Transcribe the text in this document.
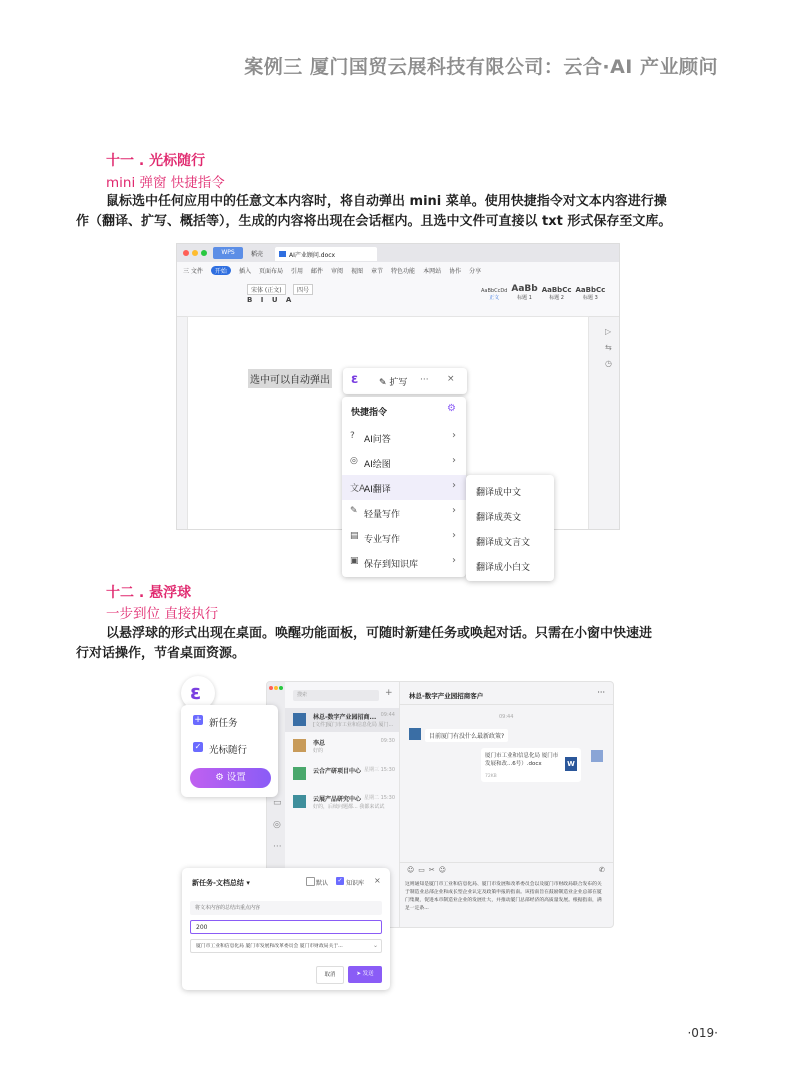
案例三 厦门国贸云展科技有限公司：云合·AI 产业顾问
十一 . 光标随行
mini 弹窗 快捷指令
鼠标选中任何应用中的任意文本内容时，将自动弹出 mini 菜单。使用快捷指令对文本内容进行操
作（翻译、扩写、概括等），生成的内容将出现在会话框内。且选中文件可直接以 txt 形式保存至文库。
WPS	稻壳	AI产业顾问.docx
三 文件	开始	插入 页面布局 引用 邮件 审阅 视图 章节 特色功能 本网站 协作 分享
宋体 (正文)	四号
B I U A
AaBbCcDd
正文
AaBb
标题 1
AaBbCc
标题 2
AaBbCc
标题 3
▷
⇆
◷
选中可以自动弹出 ɛ ✎ 扩写 ··· ×
快捷指令	⚙
? AI问答	›
◎ AI绘图	›
文A
AI翻译	›
✎ 轻量写作	›
▤ 专业写作	›
▣ 保存到知识库	›
翻译成中文
翻译成英文
翻译成文言文
翻译成小白文
十二 . 悬浮球
一步到位 直接执行
以悬浮球的形式出现在桌面。唤醒功能面板，可随时新建任务或唤起对话。只需在小窗中快速进
行对话操作，节省桌面资源。
▭
◎
···
搜索	+
林总-数字产业园招商...
[文件]厦门市工业和信息化局 厦门...
09:44
李总
好的
09:30
云合产研项目中心 星期三 15:30
云展产品研究中心
好的，后续问题都... 我都来试试
星期二 15:30
林总-数字产业园招商客户	···
09:44
目前厦门有没什么最新政策?
厦门市工业和信息化局 厦门市发展和改...6号）.docx
72KB
W
☺▭✂☺	✆
这则通知是厦门市工业和信息化局、厦门市发展和改革委员会以及厦门市财政局联合发布的关于制造业总部企业和成长型企业认定及政策申报的指南。该指南旨在鼓励制造业企业总部在厦门集聚，促进本市制造业企业的发展壮大，并推动厦门总部经济的高质量发展。根据指南，满足一定条...
ɛ
+ 新任务
✓ 光标随行
⚙ 设置
新任务-文档总结 ▾	默认 ✓ 知识库 ×
将文本内容的总结出重点内容
200
厦门市工业和信息化局 厦门市发展和改革委员会 厦门市财政局关于...	⌄
取消	➤ 发送
·019·
